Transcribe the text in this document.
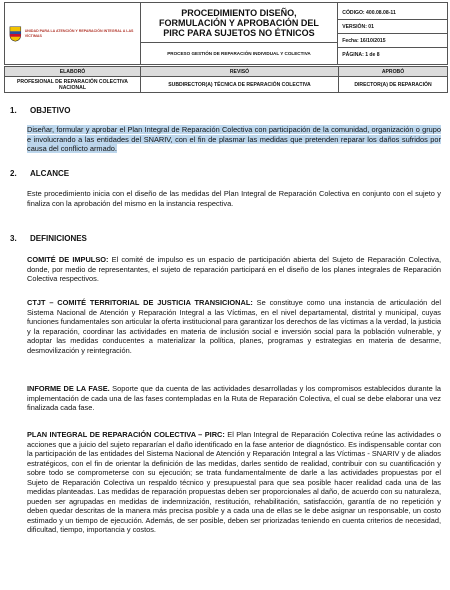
UNIDAD PARA LA ATENCIÓN Y REPARACIÓN INTEGRAL A LAS VÍCTIMAS

PROCEDIMIENTO DISEÑO,
FORMULACIÓN Y APROBACIÓN DEL
PIRC PARA SUJETOS NO ÉTNICOS

CÓDIGO: 400.08.08-11
VERSIÓN: 01
Fecha: 16/10/2015
PÁGINA: 1 de 8

PROCESO GESTIÓN DE REPARACIÓN INDIVIDUAL Y COLECTIVA
ELABORÓ	REVISÓ	APROBÓ
PROFESIONAL DE REPARACIÓN COLECTIVA NACIONAL	SUBDIRECTOR(A) TÉCNICA DE REPARACIÓN COLECTIVA	DIRECTOR(A) DE REPARACIÓN
1. OBJETIVO
Diseñar, formular y aprobar el Plan Integral de Reparación Colectiva con participación de la comunidad, organización o grupo e involucrando a las entidades del SNARIV, con el fin de plasmar las medidas que pretenden reparar los daños sufridos por causa del conflicto armado.
2. ALCANCE
Este procedimiento inicia con el diseño de las medidas del Plan Integral de Reparación Colectiva en conjunto con el sujeto y finaliza con la aprobación del mismo en la instancia respectiva.
3. DEFINICIONES
COMITÉ DE IMPULSO: El comité de impulso es un espacio de participación abierta del Sujeto de Reparación Colectiva, donde, por medio de representantes, el sujeto de reparación participará en el diseño de los planes integrales de Reparación Colectiva respectivos.
CTJT – COMITÉ TERRITORIAL DE JUSTICIA TRANSICIONAL: Se constituye como una instancia de articulación del Sistema Nacional de Atención y Reparación Integral a las Víctimas, en el nivel departamental, distrital y municipal, cuyas funciones fundamentales son articular la oferta institucional para garantizar los derechos de las víctimas a la verdad, la justicia y la reparación, coordinar las actividades en materia de inclusión social e inversión social para la población vulnerable, y adoptar las medidas conducentes a materializar la política, planes, programas y estrategias en materia de desarme, desmovilización y reintegración.
INFORME DE LA FASE. Soporte que da cuenta de las actividades desarrolladas y los compromisos establecidos durante la implementación de cada una de las fases contempladas en la Ruta de Reparación Colectiva, el cual se debe elaborar una vez finalizada cada fase.
PLAN INTEGRAL DE REPARACIÓN COLECTIVA – PIRC: El Plan Integral de Reparación Colectiva reúne las actividades o acciones que a juicio del sujeto repararían el daño identificado en la fase anterior de diagnóstico. Es indispensable contar con la participación de las entidades del Sistema Nacional de Atención y Reparación Integral a las Víctimas - SNARIV y de aliados estratégicos, con el fin de orientar la definición de las medidas, darles sentido de realidad, contribuir con su cuantificación y sobre todo se comprometerse con su ejecución; se trata fundamentalmente de darle a las actividades propuestas por el Sujeto de Reparación Colectiva un respaldo técnico y presupuestal para que sea posible hacer realidad cada una de las medidas planteadas. Las medidas de reparación propuestas deben ser proporcionales al daño, de acuerdo con su naturaleza, pueden ser agrupadas en medidas de indemnización, restitución, rehabilitación, satisfacción, garantía de no repetición y deben quedar descritas de la manera más precisa posible y a cada una de ellas se le debe asignar un responsable, un costo estimado y un tiempo de ejecución. Además, de ser posible, deben ser priorizadas teniendo en cuenta criterios de necesidad, dificultad, tiempo, importancia y costos.
